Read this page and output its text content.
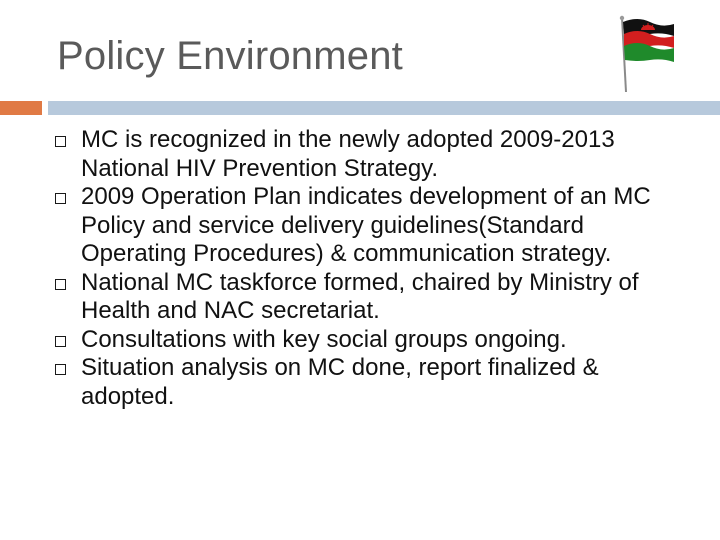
Policy Environment
MC is recognized in the newly adopted 2009-2013 National HIV Prevention Strategy.
2009 Operation Plan indicates development of an MC Policy and service delivery guidelines(Standard Operating Procedures) & communication strategy.
National MC taskforce formed, chaired by Ministry of Health and NAC secretariat.
Consultations with key social groups ongoing.
Situation analysis on MC done, report finalized & adopted.
